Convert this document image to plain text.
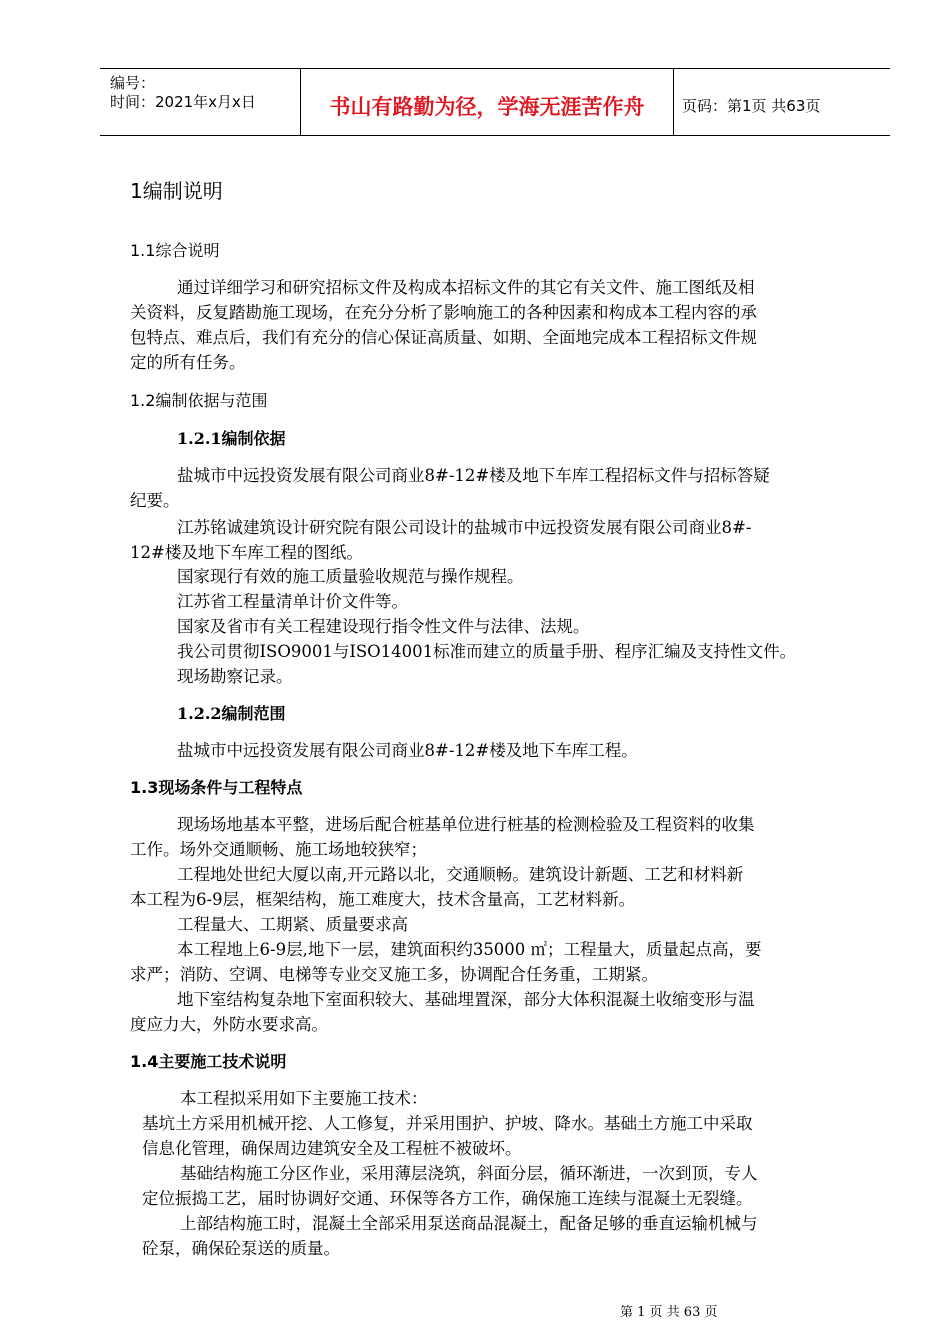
编号：
时间：2021年x月x日	书山有路勤为径，学海无涯苦作舟	页码：第1页 共63页
1编制说明
1.1综合说明
通过详细学习和研究招标文件及构成本招标文件的其它有关文件、施工图纸及相
关资料，反复踏勘施工现场，在充分分析了影响施工的各种因素和构成本工程内容的承
包特点、难点后，我们有充分的信心保证高质量、如期、全面地完成本工程招标文件规
定的所有任务。
1.2编制依据与范围
1.2.1编制依据
盐城市中远投资发展有限公司商业8#-12#楼及地下车库工程招标文件与招标答疑
纪要。
江苏铭诚建筑设计研究院有限公司设计的盐城市中远投资发展有限公司商业8#-
12#楼及地下车库工程的图纸。
国家现行有效的施工质量验收规范与操作规程。
江苏省工程量清单计价文件等。
国家及省市有关工程建设现行指令性文件与法律、法规。
我公司贯彻ISO9001与ISO14001标准而建立的质量手册、程序汇编及支持性文件。
现场勘察记录。
1.2.2编制范围
盐城市中远投资发展有限公司商业8#-12#楼及地下车库工程。
1.3现场条件与工程特点
现场场地基本平整，进场后配合桩基单位进行桩基的检测检验及工程资料的收集
工作。场外交通顺畅、施工场地较狭窄；
工程地处世纪大厦以南,开元路以北，交通顺畅。建筑设计新题、工艺和材料新
本工程为6-9层，框架结构，施工难度大，技术含量高，工艺材料新。
工程量大、工期紧、质量要求高
本工程地上6-9层,地下一层，建筑面积约35000 ㎡；工程量大，质量起点高，要
求严；消防、空调、电梯等专业交叉施工多，协调配合任务重，工期紧。
地下室结构复杂地下室面积较大、基础埋置深，部分大体积混凝土收缩变形与温
度应力大，外防水要求高。
1.4主要施工技术说明
本工程拟采用如下主要施工技术：
基坑土方采用机械开挖、人工修复，并采用围护、护坡、降水。基础土方施工中采取
信息化管理，确保周边建筑安全及工程桩不被破坏。
基础结构施工分区作业，采用薄层浇筑，斜面分层，循环渐进，一次到顶，专人
定位振捣工艺，届时协调好交通、环保等各方工作，确保施工连续与混凝土无裂缝。
上部结构施工时，混凝土全部采用泵送商品混凝土，配备足够的垂直运输机械与
砼泵，确保砼泵送的质量。
第 1 页 共 63 页
